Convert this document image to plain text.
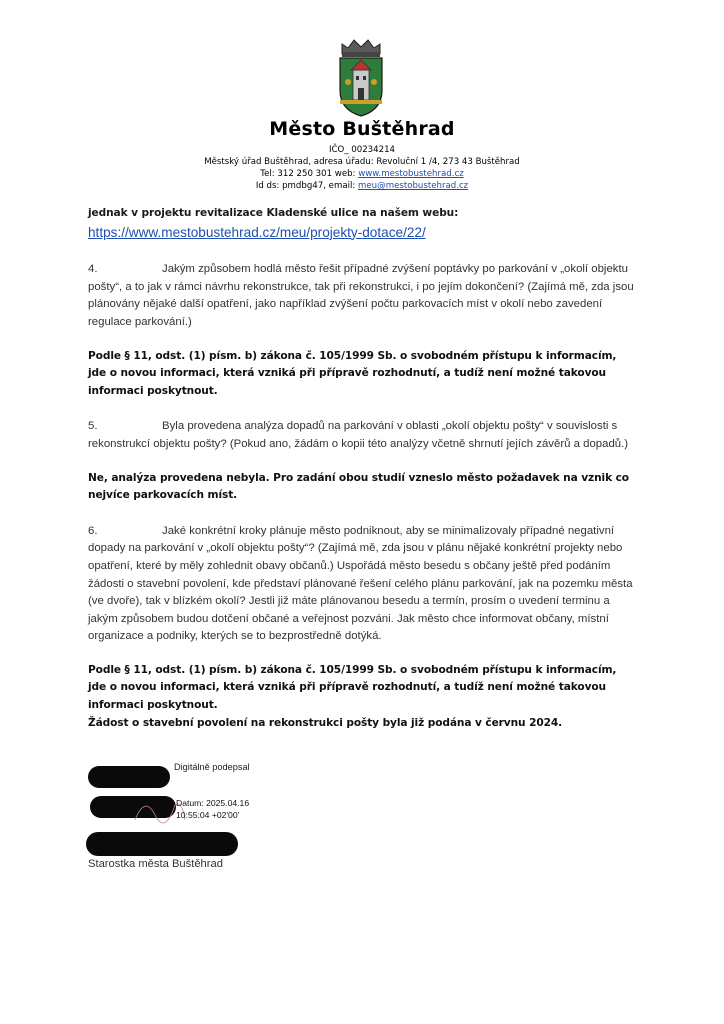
Město Buštěhrad
IČO_ 00234214
Městský úřad Buštěhrad, adresa úřadu: Revoluční 1 /4, 273 43 Buštěhrad
Tel: 312 250 301 web: www.mestobustehrad.cz
Id ds: pmdbg47, email: meu@mestobustehrad.cz
jednak v projektu revitalizace Kladenské ulice na našem webu:
https://www.mestobustehrad.cz/meu/projekty-dotace/22/
4.	Jakým způsobem hodlá město řešit případné zvýšení poptávky po parkování v „okolí objektu pošty“, a to jak v rámci návrhu rekonstrukce, tak při rekonstrukci, i po jejím dokončení? (Zajímá mě, zda jsou plánovány nějaké další opatření, jako například zvýšení počtu parkovacích míst v okolí nebo zavedení regulace parkování.)
Podle § 11, odst. (1) písm. b) zákona č. 105/1999 Sb. o svobodném přístupu k informacím, jde o novou informaci, která vzniká při přípravě rozhodnutí, a tudíž není možné takovou informaci poskytnout.
5.	Byla provedena analýza dopadů na parkování v oblasti „okolí objektu pošty“ v souvislosti s rekonstrukcí objektu pošty? (Pokud ano, žádám o kopii této analýzy včetně shrnutí jejích závěrů a dopadů.)
Ne, analýza provedena nebyla. Pro zadání obou studií vzneslo město požadavek na vznik co nejvíce parkovacích míst.
6.	Jaké konkrétní kroky plánuje město podniknout, aby se minimalizovaly případné negativní dopady na parkování v „okolí objektu pošty“? (Zajímá mě, zda jsou v plánu nějaké konkrétní projekty nebo opatření, které by měly zohlednit obavy občanů.) Uspořádá město besedu s občany ještě před podáním žádosti o stavební povolení, kde představí plánované řešení celého plánu parkování, jak na pozemku města (ve dvoře), tak v blízkém okolí? Jestli již máte plánovanou besedu a termín, prosím o uvedení terminu a jakým způsobem budou dotčení občané a veřejnost pozváni. Jak město chce informovat občany, místní organizace a podniky, kterých se to bezprostředně dotýká.
Podle § 11, odst. (1) písm. b) zákona č. 105/1999 Sb. o svobodném přístupu k informacím, jde o novou informaci, která vzniká při přípravě rozhodnutí, a tudíž není možné takovou informaci poskytnout.
Žádost o stavební povolení na rekonstrukci pošty byla již podána v červnu 2024.
Digitálně podepsal
Datum: 2025.04.16
10:55:04 +02'00'
Starostka města Buštěhrad
